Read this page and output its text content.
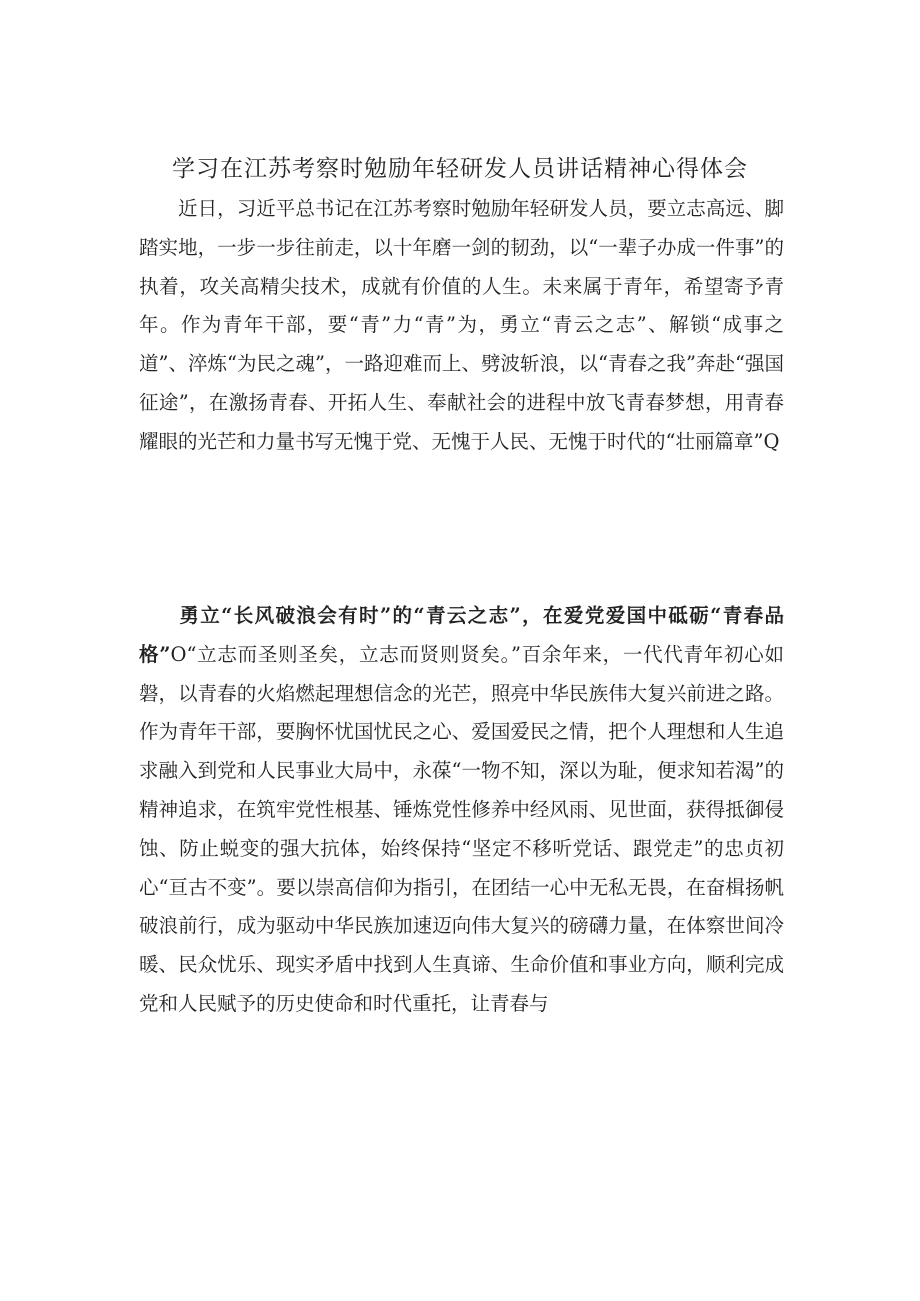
学习在江苏考察时勉励年轻研发人员讲话精神心得体会

近日，习近平总书记在江苏考察时勉励年轻研发人员，要立志高远、脚踏实地，一步一步往前走，以十年磨一剑的韧劲，以“一辈子办成一件事”的执着，攻关高精尖技术，成就有价值的人生。未来属于青年，希望寄予青年。作为青年干部，要“青”力“青”为，勇立“青云之志”、解锁“成事之道”、淬炼“为民之魂”，一路迎难而上、劈波斩浪，以“青春之我”奔赴“强国征途”，在激扬青春、开拓人生、奉献社会的进程中放飞青春梦想，用青春耀眼的光芒和力量书写无愧于党、无愧于人民、无愧于时代的“壮丽篇章”Q

勇立“长风破浪会有时”的“青云之志”，在爱党爱国中砥砺“青春品格”O“立志而圣则圣矣，立志而贤则贤矣。”百余年来，一代代青年初心如磐，以青春的火焰燃起理想信念的光芒，照亮中华民族伟大复兴前进之路。作为青年干部，要胸怀忧国忧民之心、爱国爱民之情，把个人理想和人生追求融入到党和人民事业大局中，永葆“一物不知，深以为耻，便求知若渴”的精神追求，在筑牢党性根基、锤炼党性修养中经风雨、见世面，获得抵御侵蚀、防止蜕变的强大抗体，始终保持“坚定不移听党话、跟党走”的忠贞初心“亘古不变”。要以崇高信仰为指引，在团结一心中无私无畏，在奋楫扬帆破浪前行，成为驱动中华民族加速迈向伟大复兴的磅礴力量，在体察世间冷暖、民众忧乐、现实矛盾中找到人生真谛、生命价值和事业方向，顺利完成党和人民赋予的历史使命和时代重托，让青春与
